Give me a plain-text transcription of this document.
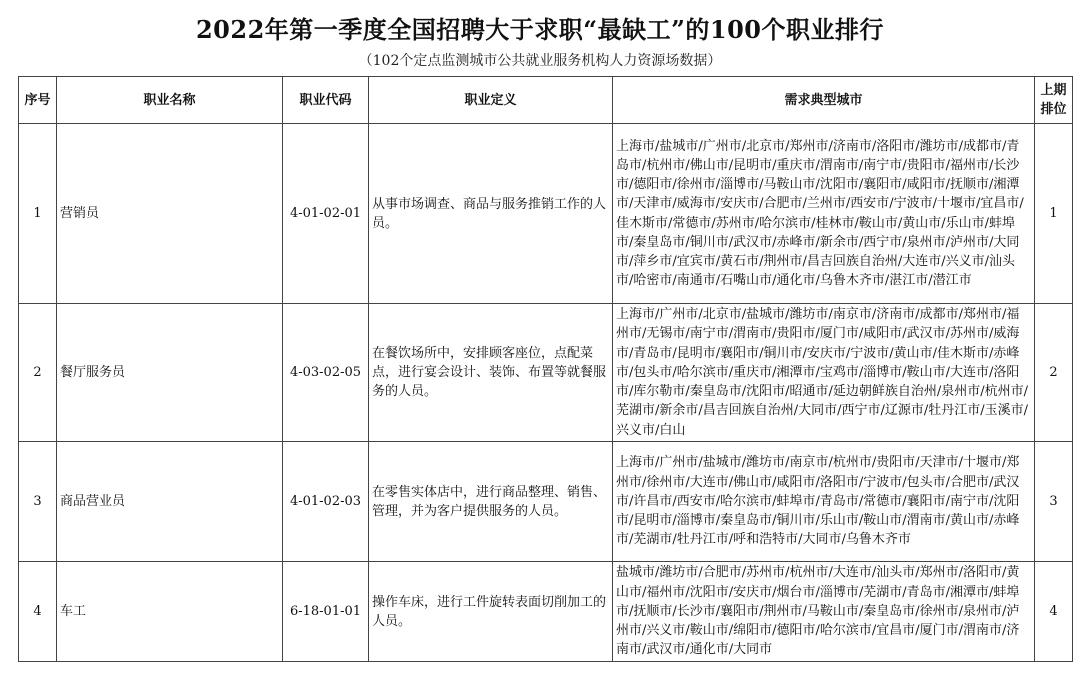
2022年第一季度全国招聘大于求职“最缺工”的100个职业排行
（102个定点监测城市公共就业服务机构人力资源场数据）
序号	职业名称	职业代码	职业定义	需求典型城市	上期排位
1	营销员	4-01-02-01	从事市场调查、商品与服务推销工作的人员。	上海市/盐城市/广州市/北京市/郑州市/济南市/洛阳市/潍坊市/成都市/青岛市/杭州市/佛山市/昆明市/重庆市/渭南市/南宁市/贵阳市/福州市/长沙市/德阳市/徐州市/淄博市/马鞍山市/沈阳市/襄阳市/咸阳市/抚顺市/湘潭市/天津市/威海市/安庆市/合肥市/兰州市/西安市/宁波市/十堰市/宜昌市/佳木斯市/常德市/苏州市/哈尔滨市/桂林市/鞍山市/黄山市/乐山市/蚌埠市/秦皇岛市/铜川市/武汉市/赤峰市/新余市/西宁市/泉州市/泸州市/大同市/萍乡市/宜宾市/黄石市/荆州市/昌吉回族自治州/大连市/兴义市/汕头市/哈密市/南通市/石嘴山市/通化市/乌鲁木齐市/湛江市/潜江市	1
2	餐厅服务员	4-03-02-05	在餐饮场所中，安排顾客座位，点配菜点，进行宴会设计、装饰、布置等就餐服务的人员。	上海市/广州市/北京市/盐城市/潍坊市/南京市/济南市/成都市/郑州市/福州市/无锡市/南宁市/渭南市/贵阳市/厦门市/咸阳市/武汉市/苏州市/威海市/青岛市/昆明市/襄阳市/铜川市/安庆市/宁波市/黄山市/佳木斯市/赤峰市/包头市/哈尔滨市/重庆市/湘潭市/宝鸡市/淄博市/鞍山市/大连市/洛阳市/库尔勒市/秦皇岛市/沈阳市/昭通市/延边朝鲜族自治州/泉州市/杭州市/芜湖市/新余市/昌吉回族自治州/大同市/西宁市/辽源市/牡丹江市/玉溪市/兴义市/白山	2
3	商品营业员	4-01-02-03	在零售实体店中，进行商品整理、销售、管理，并为客户提供服务的人员。	上海市/广州市/盐城市/潍坊市/南京市/杭州市/贵阳市/天津市/十堰市/郑州市/徐州市/大连市/佛山市/咸阳市/洛阳市/宁波市/包头市/合肥市/武汉市/许昌市/西安市/哈尔滨市/蚌埠市/青岛市/常德市/襄阳市/南宁市/沈阳市/昆明市/淄博市/秦皇岛市/铜川市/乐山市/鞍山市/渭南市/黄山市/赤峰市/芜湖市/牡丹江市/呼和浩特市/大同市/乌鲁木齐市	3
4	车工	6-18-01-01	操作车床，进行工件旋转表面切削加工的人员。	盐城市/潍坊市/合肥市/苏州市/杭州市/大连市/汕头市/郑州市/洛阳市/黄山市/福州市/沈阳市/安庆市/烟台市/淄博市/芜湖市/青岛市/湘潭市/蚌埠市/抚顺市/长沙市/襄阳市/荆州市/马鞍山市/秦皇岛市/徐州市/泉州市/泸州市/兴义市/鞍山市/绵阳市/德阳市/哈尔滨市/宜昌市/厦门市/渭南市/济南市/武汉市/通化市/大同市	4
